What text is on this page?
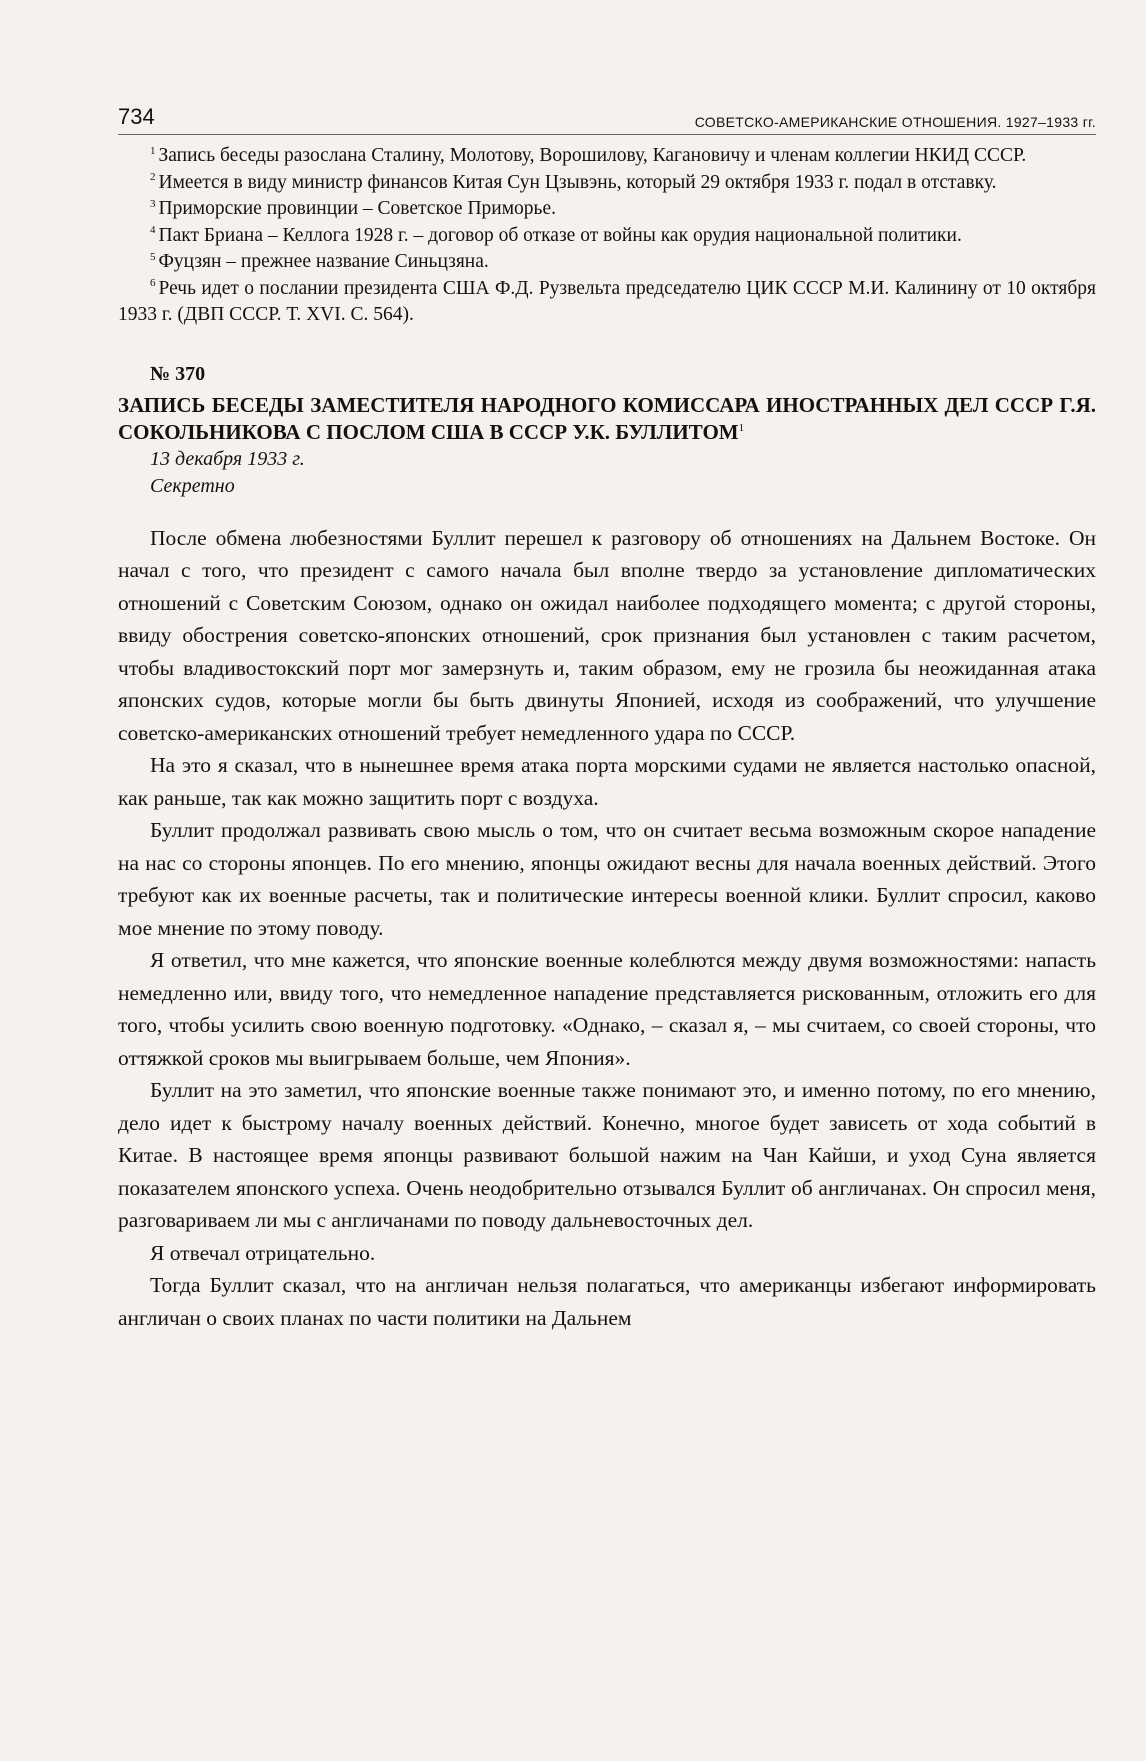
734	СОВЕТСКО-АМЕРИКАНСКИЕ ОТНОШЕНИЯ. 1927–1933 гг.

$^1$ Запись беседы разослана Сталину, Молотову, Ворошилову, Кагановичу и членам коллегии НКИД СССР.

$^2$ Имеется в виду министр финансов Китая Сун Цзывэнь, который 29 октября 1933 г. подал в отставку.

$^3$ Приморские провинции – Советское Приморье.

$^4$ Пакт Бриана – Келлога 1928 г. – договор об отказе от войны как орудия национальной политики.

$^5$ Фуцзян – прежнее название Синьцзяна.

$^6$ Речь идет о послании президента США Ф.Д. Рузвельта председателю ЦИК СССР М.И. Калинину от 10 октября 1933 г. (ДВП СССР. Т. XVI. С. 564).

№ 370

ЗАПИСЬ БЕСЕДЫ ЗАМЕСТИТЕЛЯ НАРОДНОГО КОМИССАРА ИНОСТРАННЫХ ДЕЛ СССР Г.Я. СОКОЛЬНИКОВА С ПОСЛОМ США В СССР У.К. БУЛЛИТОМ$^1$

13 декабря 1933 г.

Секретно

После обмена любезностями Буллит перешел к разговору об отношениях на Дальнем Востоке. Он начал с того, что президент с самого начала был вполне твердо за установление дипломатических отношений с Советским Союзом, однако он ожидал наиболее подходящего момента; с другой стороны, ввиду обострения советско-японских отношений, срок признания был установлен с таким расчетом, чтобы владивостокский порт мог замерзнуть и, таким образом, ему не грозила бы неожиданная атака японских судов, которые могли бы быть двинуты Японией, исходя из соображений, что улучшение советско-американских отношений требует немедленного удара по СССР.

На это я сказал, что в нынешнее время атака порта морскими судами не является настолько опасной, как раньше, так как можно защитить порт с воздуха.

Буллит продолжал развивать свою мысль о том, что он считает весьма возможным скорое нападение на нас со стороны японцев. По его мнению, японцы ожидают весны для начала военных действий. Этого требуют как их военные расчеты, так и политические интересы военной клики. Буллит спросил, каково мое мнение по этому поводу.

Я ответил, что мне кажется, что японские военные колеблются между двумя возможностями: напасть немедленно или, ввиду того, что немедленное нападение представляется рискованным, отложить его для того, чтобы усилить свою военную подготовку. «Однако, – сказал я, – мы считаем, со своей стороны, что оттяжкой сроков мы выигрываем больше, чем Япония».

Буллит на это заметил, что японские военные также понимают это, и именно потому, по его мнению, дело идет к быстрому началу военных действий. Конечно, многое будет зависеть от хода событий в Китае. В настоящее время японцы развивают большой нажим на Чан Кайши, и уход Суна является показателем японского успеха. Очень неодобрительно отзывался Буллит об англичанах. Он спросил меня, разговариваем ли мы с англичанами по поводу дальневосточных дел.

Я отвечал отрицательно.

Тогда Буллит сказал, что на англичан нельзя полагаться, что американцы избегают информировать англичан о своих планах по части политики на Дальнем
